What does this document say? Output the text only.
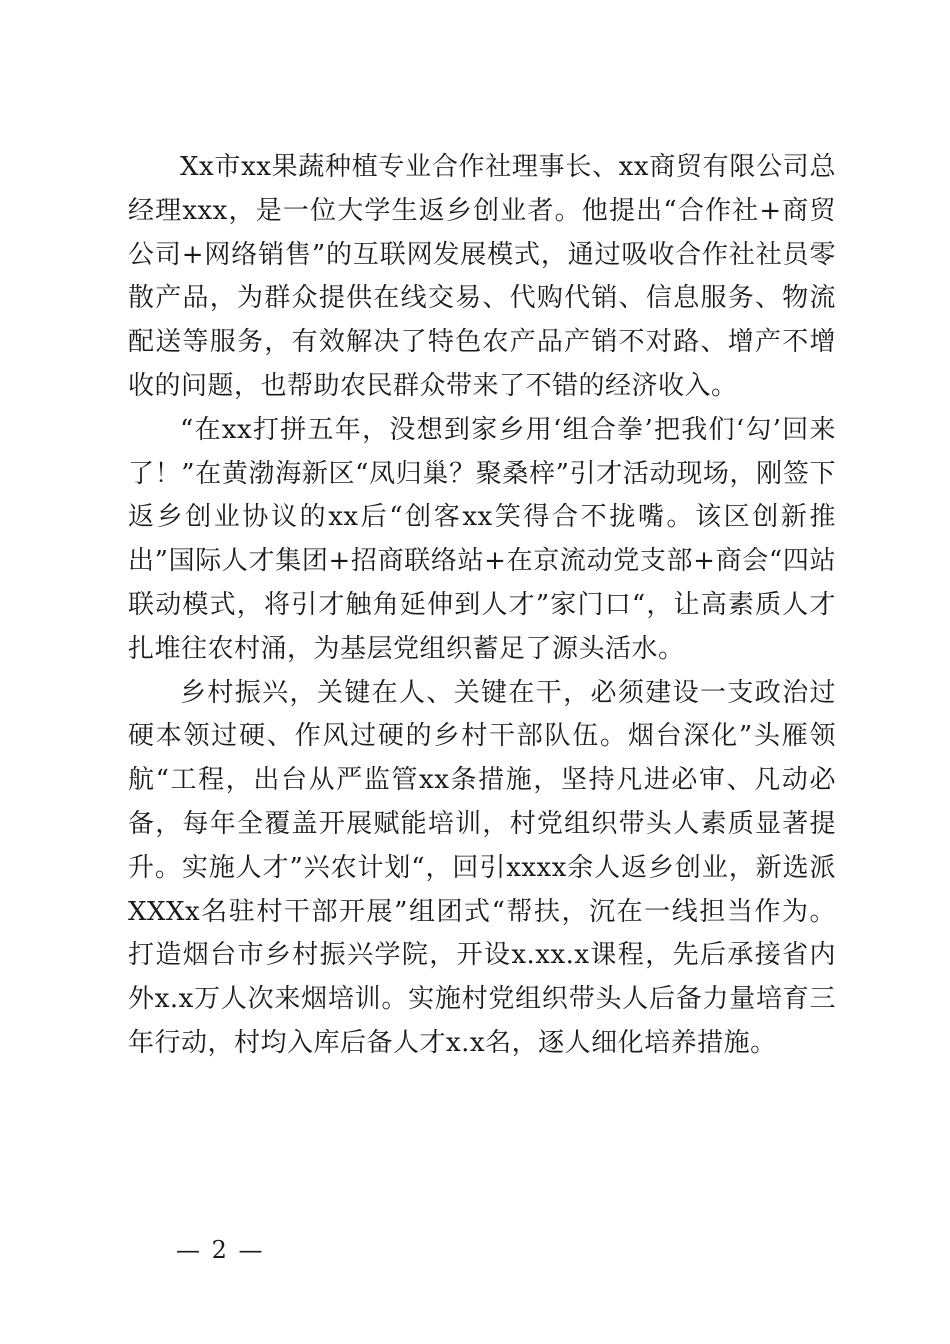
Xx市xx果蔬种植专业合作社理事长、xx商贸有限公司总经理xxx，是一位大学生返乡创业者。他提出“合作社+商贸公司+网络销售”的互联网发展模式，通过吸收合作社社员零散产品，为群众提供在线交易、代购代销、信息服务、物流配送等服务，有效解决了特色农产品产销不对路、增产不增收的问题，也帮助农民群众带来了不错的经济收入。

“在xx打拼五年，没想到家乡用‘组合拳’把我们‘勾’回来了！”在黄渤海新区“凤归巢？聚桑梓”引才活动现场，刚签下返乡创业协议的xx后“创客xx笑得合不拢嘴。该区创新推出”国际人才集团+招商联络站+在京流动党支部+商会“四站联动模式，将引才触角延伸到人才”家门口“，让高素质人才扎堆往农村涌，为基层党组织蓄足了源头活水。

乡村振兴，关键在人、关键在干，必须建设一支政治过硬本领过硬、作风过硬的乡村干部队伍。烟台深化”头雁领航“工程，出台从严监管xx条措施，坚持凡进必审、凡动必备，每年全覆盖开展赋能培训，村党组织带头人素质显著提升。实施人才”兴农计划“，回引xxxx余人返乡创业，新选派XXXx名驻村干部开展”组团式“帮扶，沉在一线担当作为。打造烟台市乡村振兴学院，开设x.xx.x课程，先后承接省内外x.x万人次来烟培训。实施村党组织带头人后备力量培育三年行动，村均入库后备人才x.x名，逐人细化培养措施。

— 2 —
